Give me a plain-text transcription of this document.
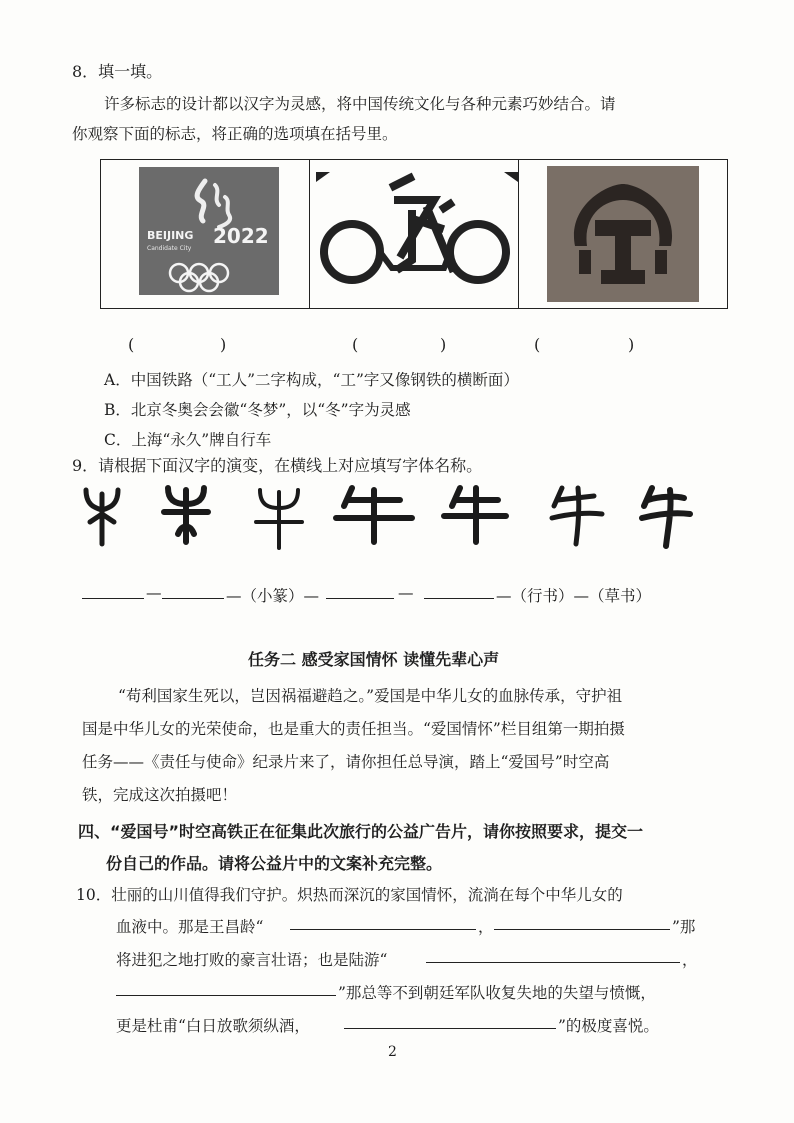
8．填一填。
许多标志的设计都以汉字为灵感，将中国传统文化与各种元素巧妙结合。请
你观察下面的标志，将正确的选项填在括号里。
BEIJING 2022
Candidate City
(	)	(	)	(	)
A．中国铁路（“工人”二字构成，“工”字又像钢铁的横断面）
B．北京冬奥会会徽“冬梦”，以“冬”字为灵感
C．上海“永久”牌自行车
9．请根据下面汉字的演变，在横线上对应填写字体名称。
—	—（小篆）—	—	—（行书）—（草书）
任务二 感受家国情怀 读懂先辈心声
“苟利国家生死以，岂因祸福避趋之。”爱国是中华儿女的血脉传承，守护祖
国是中华儿女的光荣使命，也是重大的责任担当。“爱国情怀”栏目组第一期拍摄
任务——《责任与使命》纪录片来了，请你担任总导演，踏上“爱国号”时空高
铁，完成这次拍摄吧！
四、“爱国号”时空高铁正在征集此次旅行的公益广告片，请你按照要求，提交一
份自己的作品。请将公益片中的文案补充完整。
10．壮丽的山川值得我们守护。炽热而深沉的家国情怀，流淌在每个中华儿女的
血液中。那是王昌龄“	，	”那
将进犯之地打败的豪言壮语；也是陆游“	，
”那总等不到朝廷军队收复失地的失望与愤慨，
更是杜甫“白日放歌须纵酒，	”的极度喜悦。
2
